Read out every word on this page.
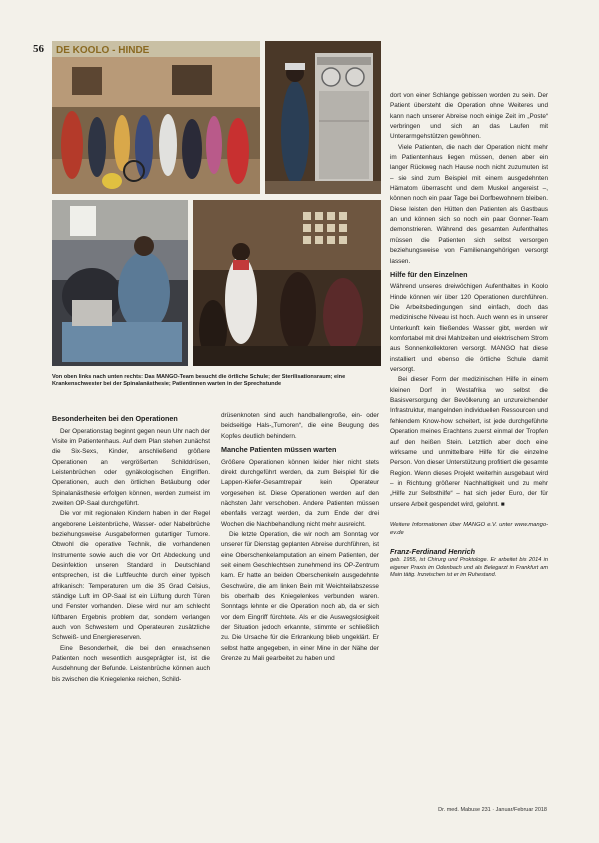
56 DE KOOLO - HINDE
Von oben links nach unten rechts: Das MANGO-Team besucht die örtliche Schule; der Sterilisationsraum; eine Krankenschwester bei der Spinalanästhesie; Patientinnen warten in der Sprechstunde
Besonderheiten bei den Operationen

Der Operationstag beginnt gegen neun Uhr nach der Visite im Patientenhaus. Auf dem Plan stehen zunächst die Six-Sexs, Kinder, anschließend größere Operationen an vergrößerten Schilddrüsen, Leistenbrüchen oder gynäkologischen Eingriffen. Operationen, auch den örtlichen Betäubung oder Spinalanästhesie erfolgen können, werden zumeist im zweiten OP-Saal durchgeführt.

Die vor mit regionalen Kindern haben in der Regel angeborene Leistenbrüche, Wasser- oder Nabelbrüche beziehungsweise Ausgabeformen gutartiger Tumore. Obwohl die operative Technik, die vorhandenen Instrumente sowie auch die vor Ort Abdeckung und Desinfektion unseren Standard in Deutschland entsprechen, ist die Luftfeuchte durch einer typisch afrikanisch: Temperaturen um die 35 Grad Celsius, ständige Luft im OP-Saal ist ein Lüftung durch Türen und Fenster vorhanden. Diese wird nur am schlecht lüftbaren Ergebnis problem dar, sondern verlangen auch von Schwestern und Operateuren zusätzliche Schweiß- und Energiereserven.

Eine Besonderheit, die bei den erwachsenen Patienten noch wesentlich ausgeprägter ist, ist die Ausdehnung der Befunde. Leistenbrüche können auch bis zwischen die Kniegelenke reichen, Schild-

drüsenknoten sind auch handballengroße, ein- oder beidseitige Hals-„Tumoren“, die eine Beugung des Kopfes deutlich behindern.

Manche Patienten müssen warten

Größere Operationen können leider hier nicht stets direkt durchgeführt werden, da zum Beispiel für die Lappen-Kiefer-Gesamtrepair kein Operateur vorgesehen ist. Diese Operationen werden auf den nächsten Jahr verschoben. Andere Patienten müssen ebenfalls verzagt werden, da zum Ende der drei Wochen die Nachbehandlung nicht mehr ausreicht.

Die letzte Operation, die wir noch am Sonntag vor unserer für Dienstag geplanten Abreise durchführen, ist eine Oberschenkelamputation an einem Patienten, der seit einem Geschlechtsen zunehmend ins OP-Zentrum kam. Er hatte an beiden Oberschenkeln ausgedehnte Geschwüre, die am linken Bein mit Weichteilabszesse bis oberhalb des Kniegelenkes verbunden waren. Sonntags lehnte er die Operation noch ab, da er sich vor dem Eingriff fürchtete. Als er die Auswegslosigkeit der Situation jedoch erkannte, stimmte er schließlich zu. Die Ursache für die Erkrankung blieb ungeklärt. Er selbst hatte angegeben, in einer Mine in der Nähe der Grenze zu Mali gearbeitet zu haben und

dort von einer Schlange gebissen worden zu sein. Der Patient übersteht die Operation ohne Weiteres und kann nach unserer Abreise noch einige Zeit im „Poste“ verbringen und sich an das Laufen mit Unterarmgehstützen gewöhnen.

Viele Patienten, die nach der Operation nicht mehr im Patientenhaus liegen müssen, denen aber ein langer Rückweg nach Hause noch nicht zuzumuten ist – sie sind zum Beispiel mit einem ausgedehnten Hämatom überrascht und dem Muskel angereist –, können noch ein paar Tage bei Dorfbewohnern bleiben. Diese leisten den Hütten den Patienten als Gastbaus an und können sich so noch ein paar Gonner-Team demonstrieren. Während des gesamten Aufenthaltes müssen die Patienten sich selbst versorgen beziehungsweise von Familienangehörigen versorgt lassen.

Hilfe für den Einzelnen

Während unseres dreiwöchigen Aufenthaltes in Koolo Hinde können wir über 120 Operationen durchführen. Die Arbeitsbedingungen sind einfach, doch das medizinische Niveau ist hoch. Auch wenn es in unserer Unterkunft kein fließendes Wasser gibt, werden wir komfortabel mit drei Mahlzeiten und elektrischem Strom aus Sonnenkollektoren versorgt. MANGO hat diese installiert und ebenso die örtliche Schule damit versorgt.

Bei dieser Form der medizinischen Hilfe in einem kleinen Dorf in Westafrika wo selbst die Basisversorgung der Bevölkerung an unzureichender Infrastruktur, mangelnden individuellen Ressourcen und fehlendem Know-how scheitert, ist jede durchgeführte Operation meines Erachtens zuerst einmal der Tropfen auf den heißen Stein. Letztlich aber doch eine wirksame und unmittelbare Hilfe für die einzelne Person. Von dieser Unterstützung profitiert die gesamte Region. Wenn dieses Projekt weiterhin ausgebaut wird – in Richtung größerer Nachhaltigkeit und zu mehr „Hilfe zur Selbsthilfe“ – hat sich jeder Euro, der für unsere Arbeit gespendet wird, gelohnt. ■

Weitere Informationen über MANGO e.V. unter www.mango-ev.de
Franz-Ferdinand Henrich
geb. 1955, ist Chirurg und Proktologe. Er arbeitet bis 2014 in eigener Praxis im Odenbach und als Belegarzt in Frankfurt am Main tätig. Inzwischen ist er im Ruhestand.
Dr. med. Mabuse 231 · Januar/Februar 2018
